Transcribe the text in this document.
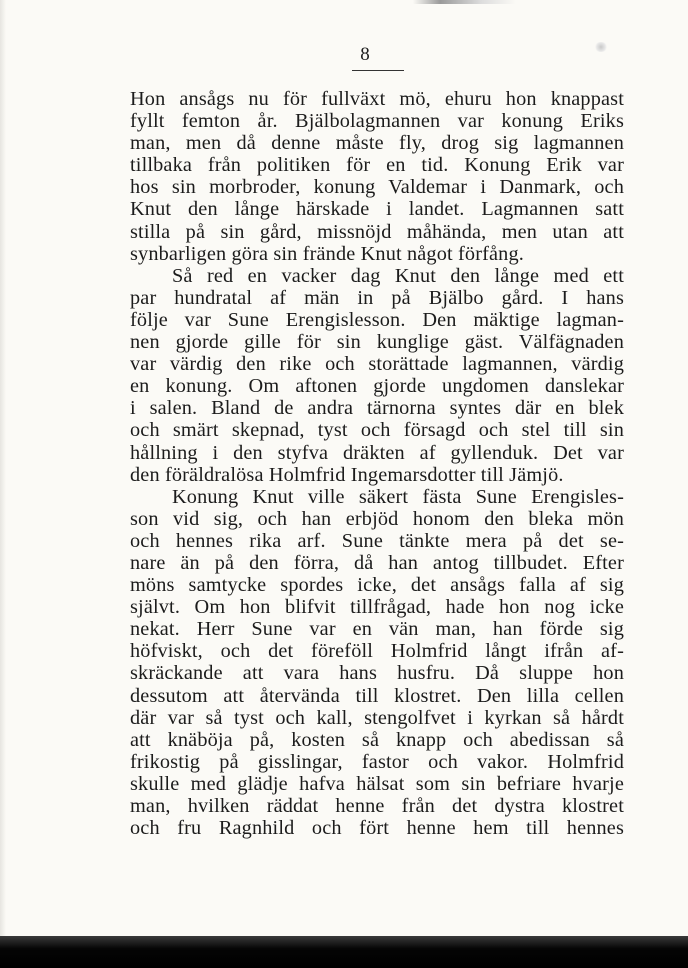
8
Hon ansågs nu för fullväxt mö, ehuru hon knappast
fyllt femton år. Bjälbolagmannen var konung Eriks
man, men då denne måste fly, drog sig lagmannen
tillbaka från politiken för en tid. Konung Erik var
hos sin morbroder, konung Valdemar i Danmark, och
Knut den långe härskade i landet. Lagmannen satt
stilla på sin gård, missnöjd måhända, men utan att
synbarligen göra sin frände Knut något förfång.
Så red en vacker dag Knut den långe med ett
par hundratal af män in på Bjälbo gård. I hans
följe var Sune Erengislesson. Den mäktige lagman-
nen gjorde gille för sin kunglige gäst. Välfägnaden
var värdig den rike och storättade lagmannen, värdig
en konung. Om aftonen gjorde ungdomen danslekar
i salen. Bland de andra tärnorna syntes där en blek
och smärt skepnad, tyst och försagd och stel till sin
hållning i den styfva dräkten af gyllenduk. Det var
den föräldralösa Holmfrid Ingemarsdotter till Jämjö.
Konung Knut ville säkert fästa Sune Erengisles-
son vid sig, och han erbjöd honom den bleka mön
och hennes rika arf. Sune tänkte mera på det se-
nare än på den förra, då han antog tillbudet. Efter
möns samtycke spordes icke, det ansågs falla af sig
självt. Om hon blifvit tillfrågad, hade hon nog icke
nekat. Herr Sune var en vän man, han förde sig
höfviskt, och det föreföll Holmfrid långt ifrån af-
skräckande att vara hans husfru. Då sluppe hon
dessutom att återvända till klostret. Den lilla cellen
där var så tyst och kall, stengolfvet i kyrkan så hårdt
att knäböja på, kosten så knapp och abedissan så
frikostig på gisslingar, fastor och vakor. Holmfrid
skulle med glädje hafva hälsat som sin befriare hvarje
man, hvilken räddat henne från det dystra klostret
och fru Ragnhild och fört henne hem till hennes
